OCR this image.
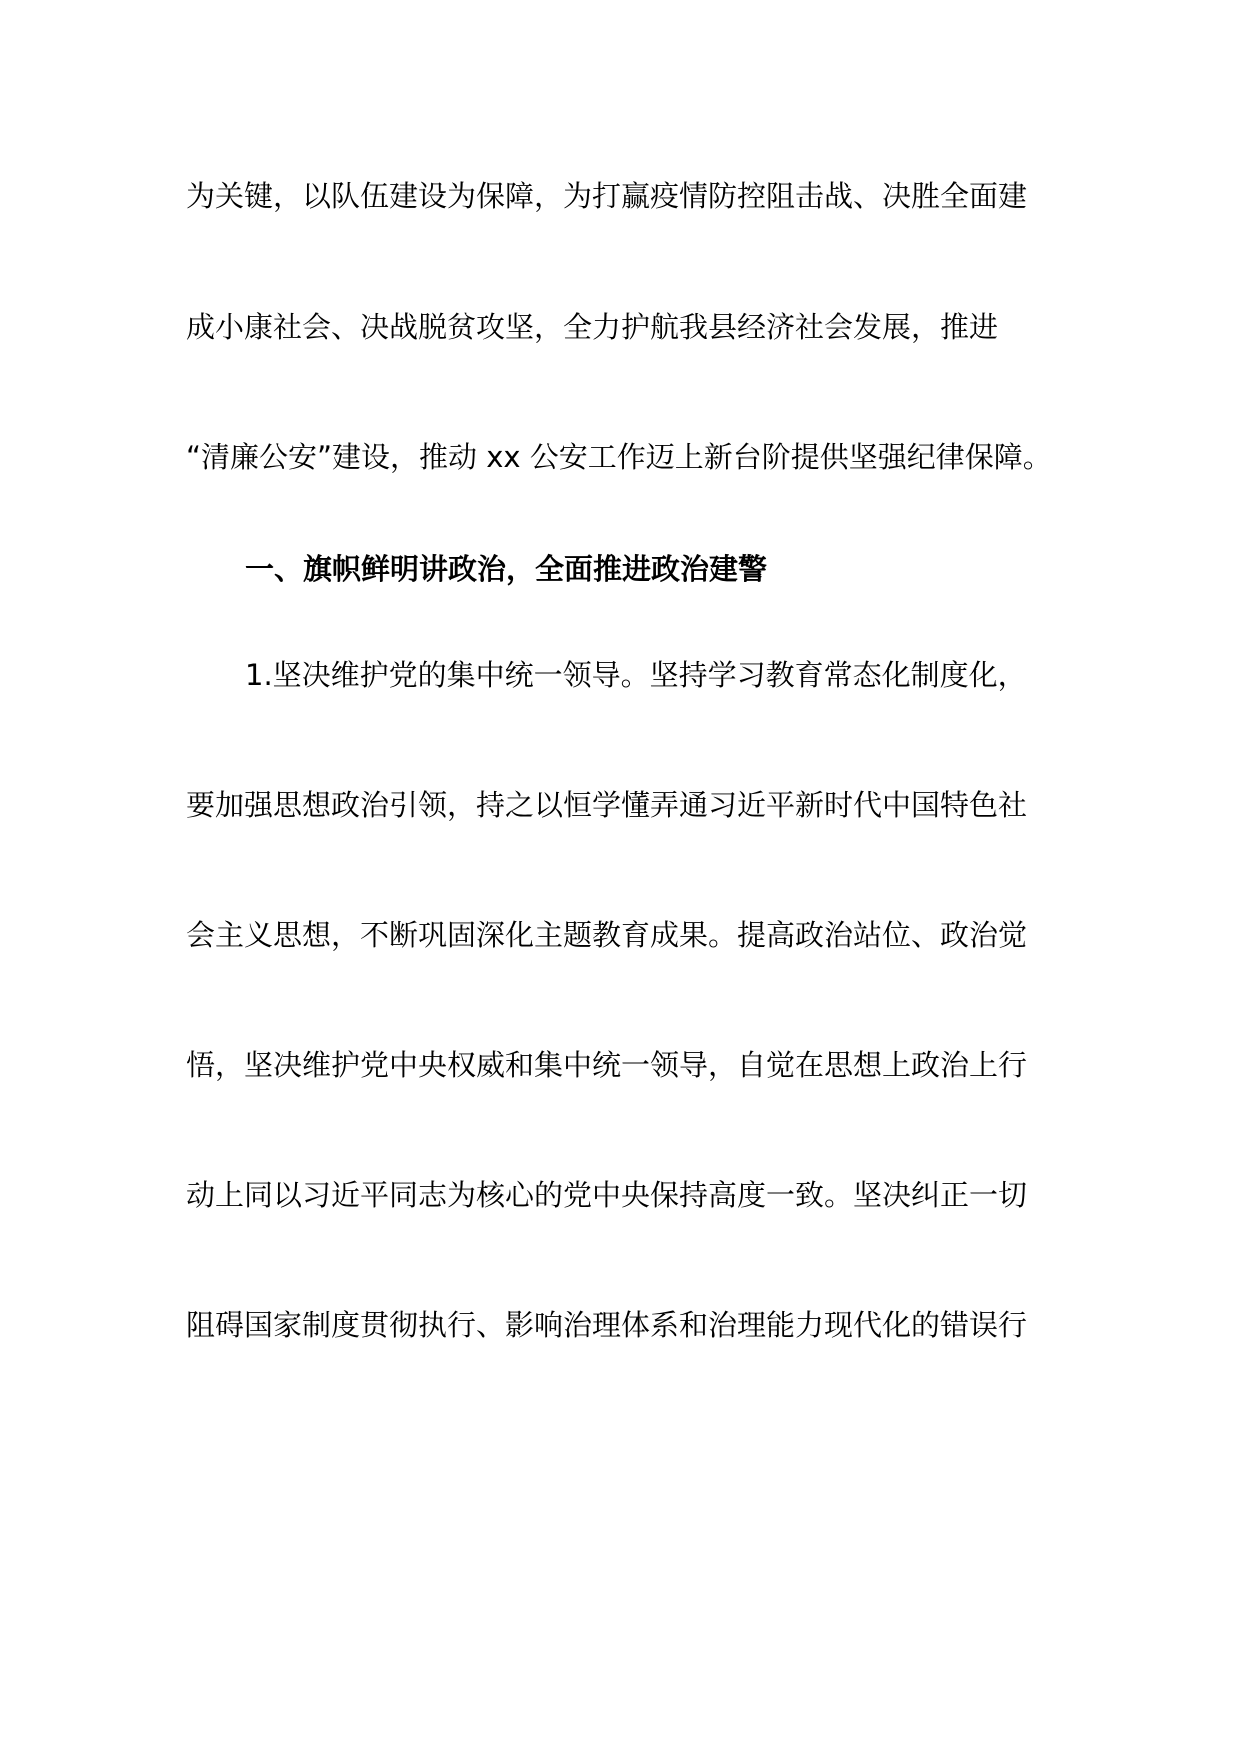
为关键，以队伍建设为保障，为打赢疫情防控阻击战、决胜全面建
成小康社会、决战脱贫攻坚，全力护航我县经济社会发展，推进
“清廉公安”建设，推动 xx 公安工作迈上新台阶提供坚强纪律保障。
一、旗帜鲜明讲政治，全面推进政治建警
1.坚决维护党的集中统一领导。坚持学习教育常态化制度化，
要加强思想政治引领，持之以恒学懂弄通习近平新时代中国特色社
会主义思想，不断巩固深化主题教育成果。提高政治站位、政治觉
悟，坚决维护党中央权威和集中统一领导，自觉在思想上政治上行
动上同以习近平同志为核心的党中央保持高度一致。坚决纠正一切
阻碍国家制度贯彻执行、影响治理体系和治理能力现代化的错误行
